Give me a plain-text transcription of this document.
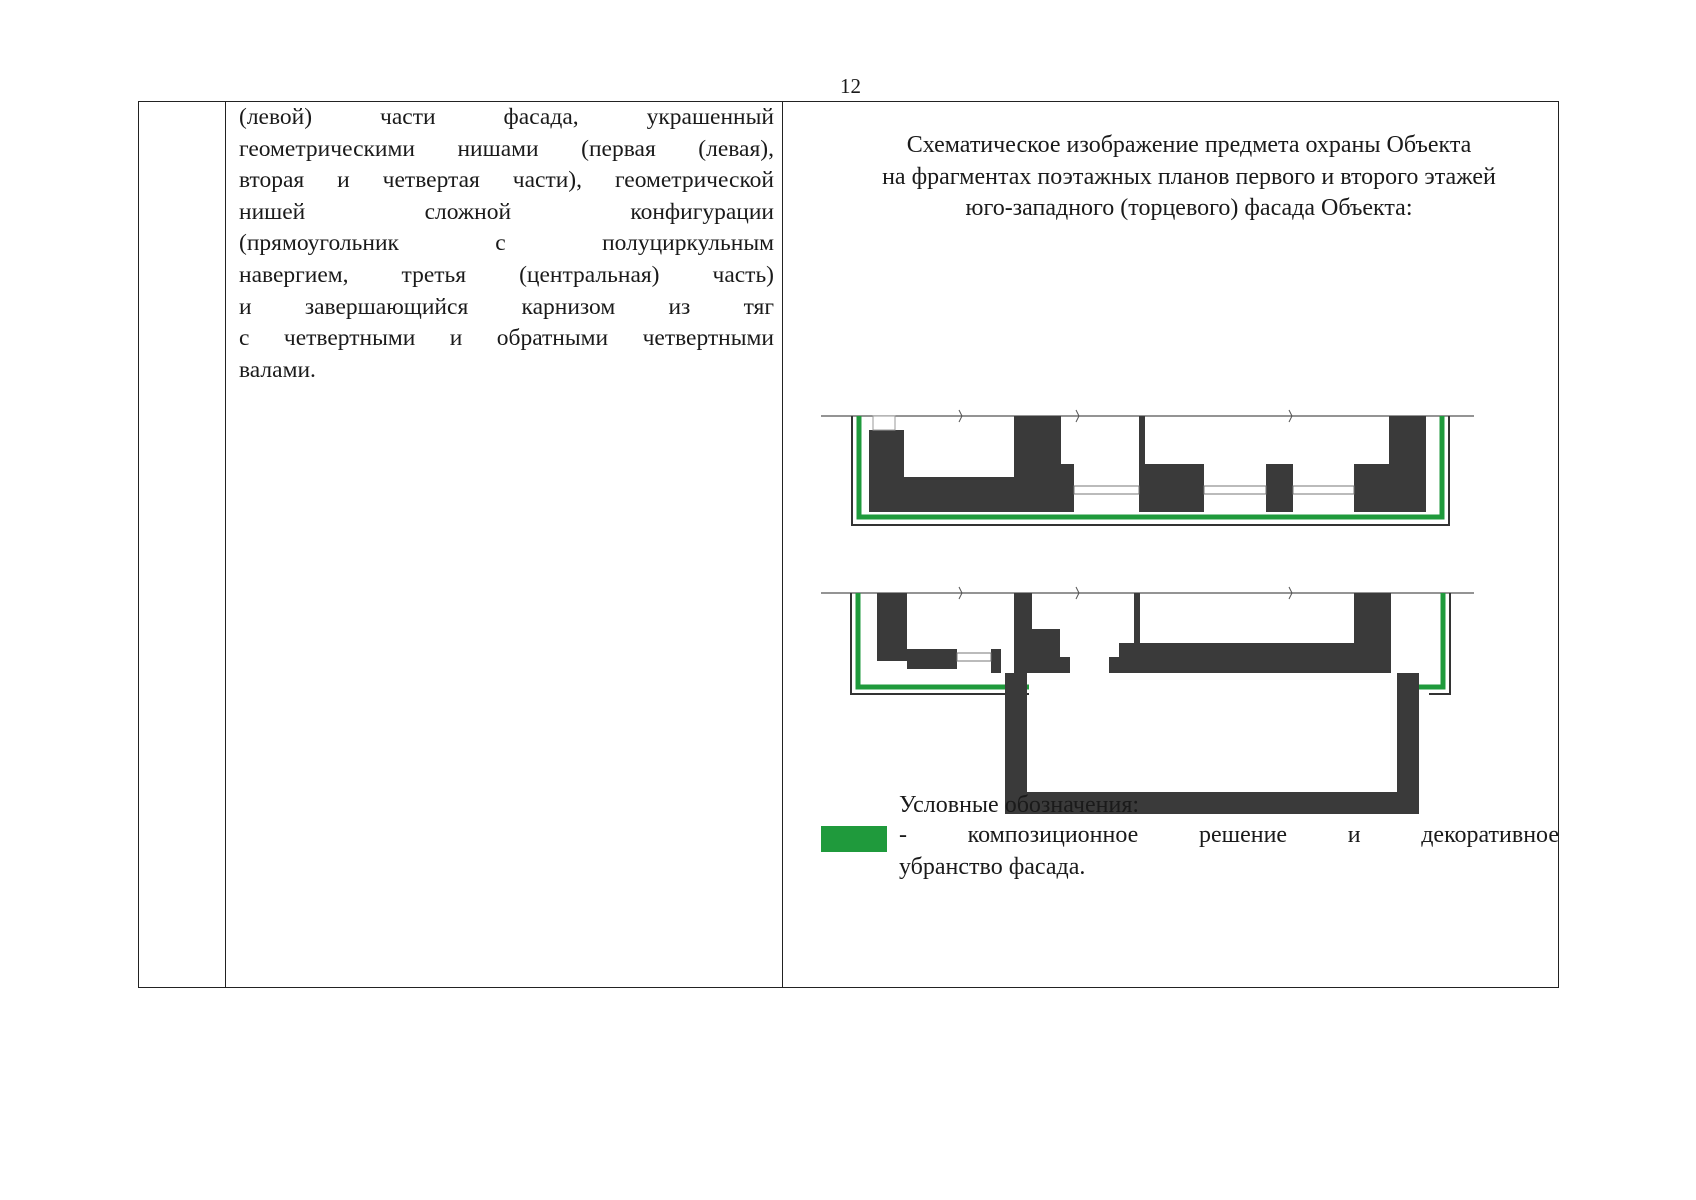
12
(левой) части фасада, украшенный
геометрическими нишами (первая (левая),
вторая и четвертая части), геометрической
нишей сложной конфигурации
(прямоугольник с полуциркульным
навергием, третья (центральная) часть)
и завершающийся карнизом из тяг
с четвертными и обратными четвертными
валами.
Схематическое изображение предмета охраны Объекта
на фрагментах поэтажных планов первого и второго этажей
юго-западного (торцевого) фасада Объекта:
Условные обозначения:
- композиционное решение и декоративное
убранство фасада.
